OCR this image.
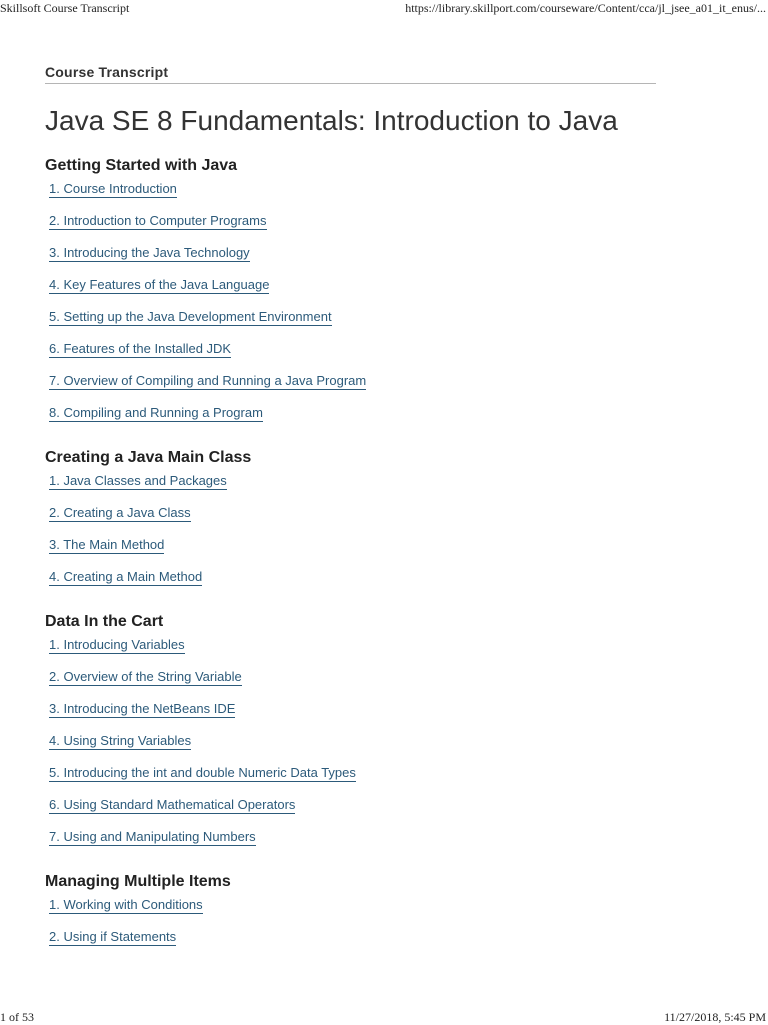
Skillsoft Course Transcript	https://library.skillport.com/courseware/Content/cca/jl_jsee_a01_it_enus/...
Course Transcript
Java SE 8 Fundamentals: Introduction to Java
Getting Started with Java
1. Course Introduction
2. Introduction to Computer Programs
3. Introducing the Java Technology
4. Key Features of the Java Language
5. Setting up the Java Development Environment
6. Features of the Installed JDK
7. Overview of Compiling and Running a Java Program
8. Compiling and Running a Program
Creating a Java Main Class
1. Java Classes and Packages
2. Creating a Java Class
3. The Main Method
4. Creating a Main Method
Data In the Cart
1. Introducing Variables
2. Overview of the String Variable
3. Introducing the NetBeans IDE
4. Using String Variables
5. Introducing the int and double Numeric Data Types
6. Using Standard Mathematical Operators
7. Using and Manipulating Numbers
Managing Multiple Items
1. Working with Conditions
2. Using if Statements
1 of 53	11/27/2018, 5:45 PM
